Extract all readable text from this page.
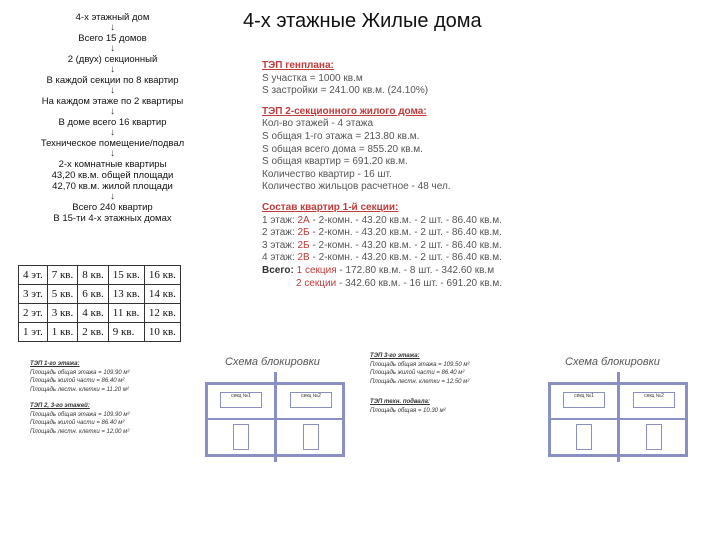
4-х этажные Жилые дома
4-х этажный дом
↓
Всего 15 домов
↓
2 (двух) секционный
↓
В каждой секции по 8 квартир
↓
На каждом этаже по 2 квартиры
↓
В доме всего 16 квартир
↓
Техническое помещение/подвал
↓
2-х комнатные квартиры
43,20 кв.м. общей площади
42,70 кв.м. жилой площади
↓
Всего 240 квартир
В 15-ти 4-х этажных домах
ТЭП генплана:
S участка = 1000 кв.м
S застройки = 241.00 кв.м. (24.10%)
ТЭП 2-секционного жилого дома:
Кол-во этажей - 4 этажа
S общая 1-го этажа = 213.80 кв.м.
S общая всего дома = 855.20 кв.м.
S общая квартир = 691.20 кв.м.
Количество квартир - 16 шт.
Количество жильцов расчетное - 48 чел.
Состав квартир 1-й секции:
1 этаж: 2А - 2-комн. - 43.20 кв.м. - 2 шт. - 86.40 кв.м.
2 этаж: 2Б - 2-комн. - 43.20 кв.м. - 2 шт. - 86.40 кв.м.
3 этаж: 2Б - 2-комн. - 43.20 кв.м. - 2 шт. - 86.40 кв.м.
4 этаж: 2В - 2-комн. - 43.20 кв.м. - 2 шт. - 86.40 кв.м.
Всего: 1 секция - 172.80 кв.м. - 8 шт. - 342.60 кв.м
2 секции - 342.60 кв.м. - 16 шт. - 691.20 кв.м.
4 эт.	7 кв.	8 кв.	15 кв.	16 кв.
3 эт.	5 кв.	6 кв.	13 кв.	14 кв.
2 эт.	3 кв.	4 кв.	11 кв.	12 кв.
1 эт.	1 кв.	2 кв.	9 кв.	10 кв.
ТЭП 1-го этажа:
Площадь общая этажа = 109.90 м²
Площадь жилой части = 86.40 м²
Площадь лестн. клетки = 11.20 м²
ТЭП 2, 3-го этажей:
Площадь общая этажа = 109.90 м²
Площадь жилой части = 86.40 м²
Площадь лестн. клетки = 12.00 м²
ТЭП 3-го этажа:
Площадь общая этажа = 109.50 м²
Площадь жилой части = 86.40 м²
Площадь лестн. клетки = 12.50 м²
ТЭП техн. подвала:
Площадь общая = 10.30 м²
Схема блокировки
секц №1	секц №2
Схема блокировки
секц №1	секц №2
